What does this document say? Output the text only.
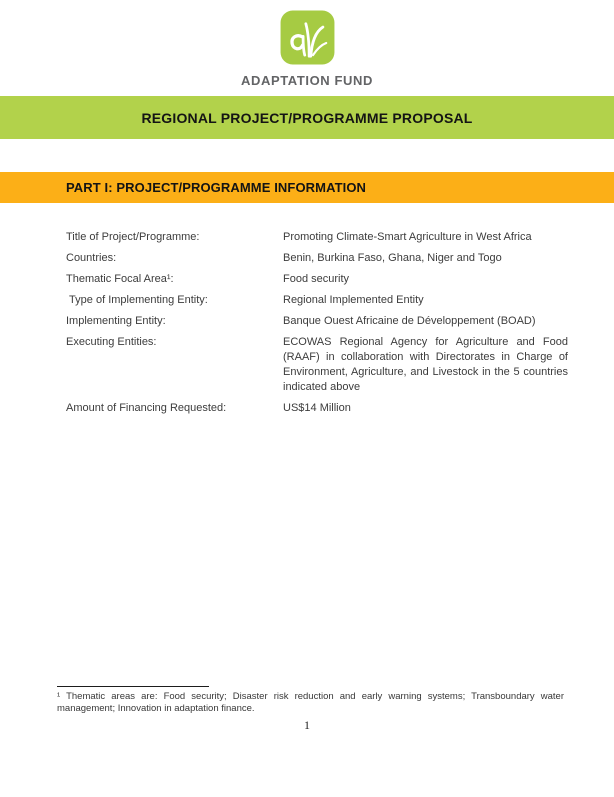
ADAPTATION FUND
REGIONAL PROJECT/PROGRAMME PROPOSAL
PART I: PROJECT/PROGRAMME INFORMATION
Title of Project/Programme:	Promoting Climate-Smart Agriculture in West Africa
Countries:	Benin, Burkina Faso, Ghana, Niger and Togo
Thematic Focal Area¹:	Food security
Type of Implementing Entity:	Regional Implemented Entity
Implementing Entity:	Banque Ouest Africaine de Développement (BOAD)
Executing Entities:	ECOWAS Regional Agency for Agriculture and Food (RAAF) in collaboration with Directorates in Charge of Environment, Agriculture, and Livestock in the 5 countries indicated above
Amount of Financing Requested:	US$14 Million
¹ Thematic areas are: Food security; Disaster risk reduction and early warning systems; Transboundary water management; Innovation in adaptation finance.
1
